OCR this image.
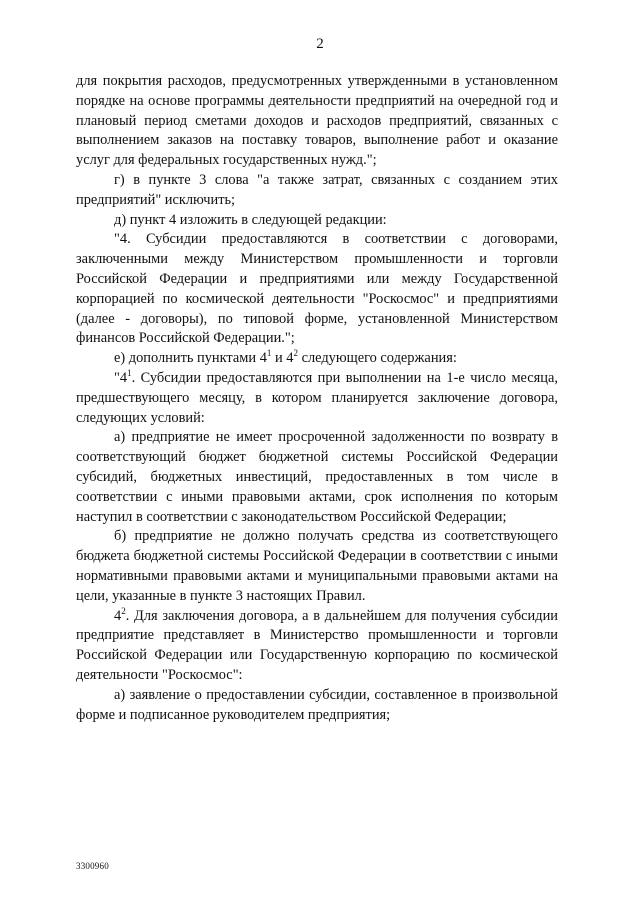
2

для покрытия расходов, предусмотренных утвержденными в установленном порядке на основе программы деятельности предприятий на очередной год и плановый период сметами доходов и расходов предприятий, связанных с выполнением заказов на поставку товаров, выполнение работ и оказание услуг для федеральных государственных нужд.";

г) в пункте 3 слова "а также затрат, связанных с созданием этих предприятий" исключить;

д) пункт 4 изложить в следующей редакции:

"4. Субсидии предоставляются в соответствии с договорами, заключенными между Министерством промышленности и торговли Российской Федерации и предприятиями или между Государственной корпорацией по космической деятельности "Роскосмос" и предприятиями (далее - договоры), по типовой форме, установленной Министерством финансов Российской Федерации.";

е) дополнить пунктами $4^1$ и $4^2$ следующего содержания:

"$4^1$. Субсидии предоставляются при выполнении на 1-е число месяца, предшествующего месяцу, в котором планируется заключение договора, следующих условий:

а) предприятие не имеет просроченной задолженности по возврату в соответствующий бюджет бюджетной системы Российской Федерации субсидий, бюджетных инвестиций, предоставленных в том числе в соответствии с иными правовыми актами, срок исполнения по которым наступил в соответствии с законодательством Российской Федерации;

б) предприятие не должно получать средства из соответствующего бюджета бюджетной системы Российской Федерации в соответствии с иными нормативными правовыми актами и муниципальными правовыми актами на цели, указанные в пункте 3 настоящих Правил.

$4^2$. Для заключения договора, а в дальнейшем для получения субсидии предприятие представляет в Министерство промышленности и торговли Российской Федерации или Государственную корпорацию по космической деятельности "Роскосмос":

а) заявление о предоставлении субсидии, составленное в произвольной форме и подписанное руководителем предприятия;

3300960
